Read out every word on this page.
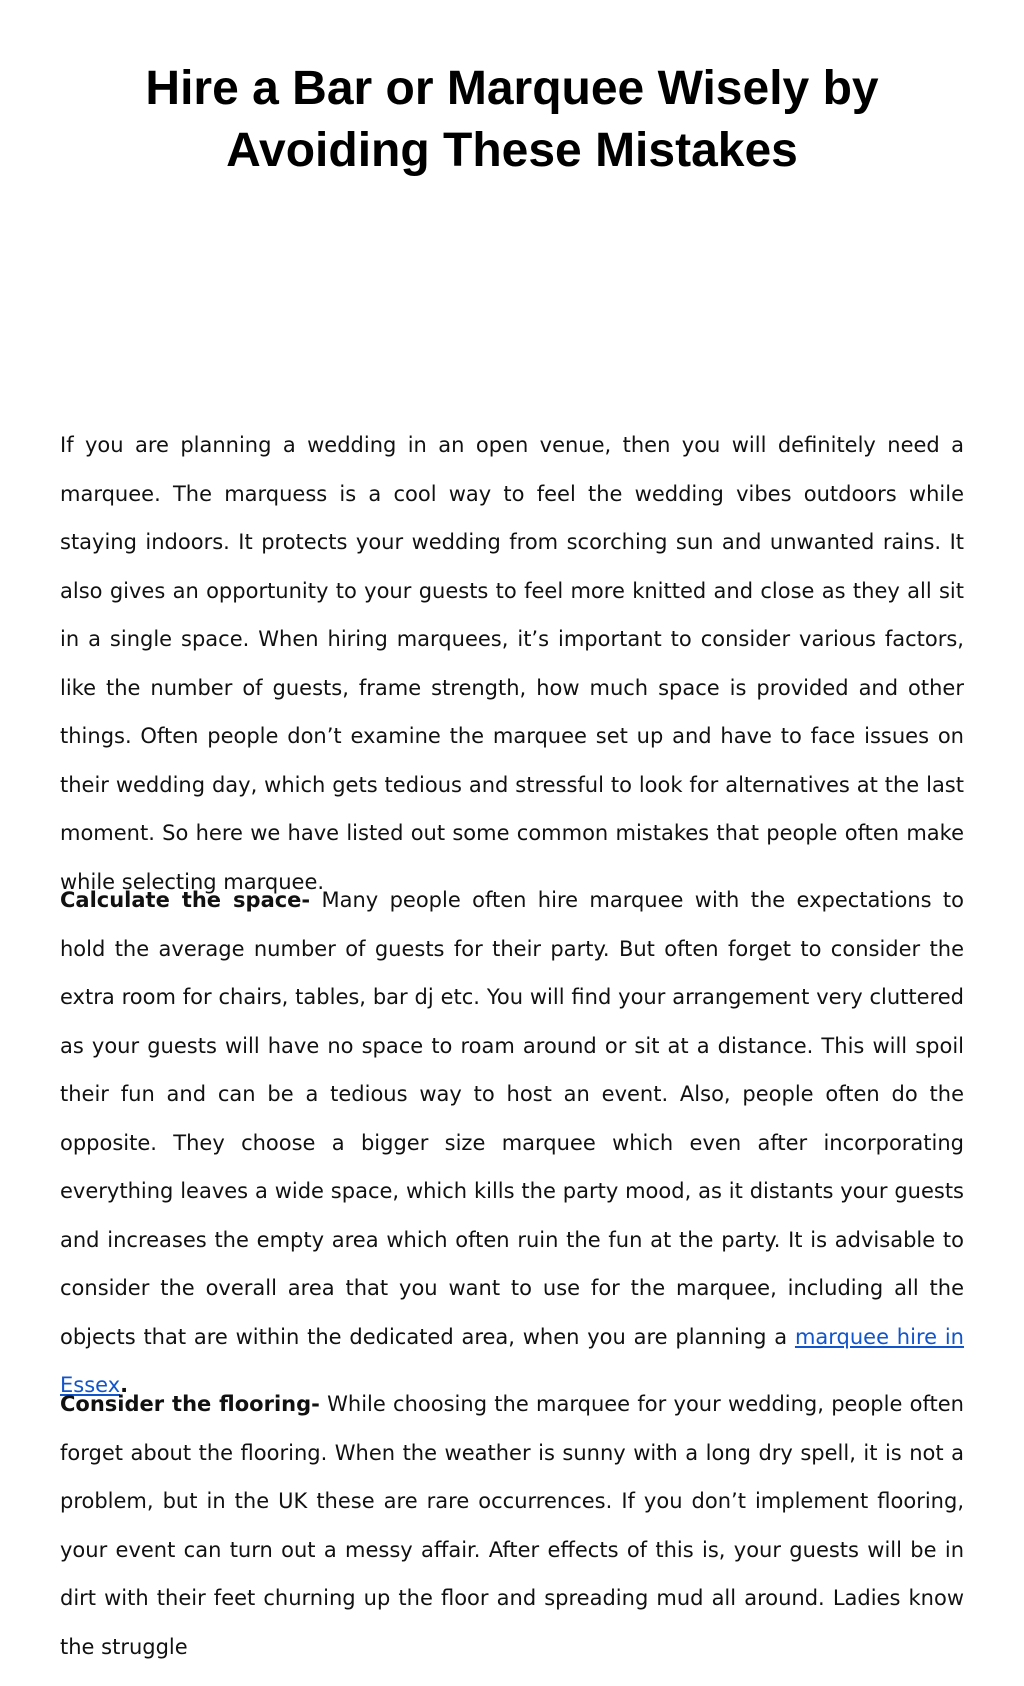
Hire a Bar or Marquee Wisely by
Avoiding These Mistakes

If you are planning a wedding in an open venue, then you will definitely need a marquee. The marquess is a cool way to feel the wedding vibes outdoors while staying indoors. It protects your wedding from scorching sun and unwanted rains. It also gives an opportunity to your guests to feel more knitted and close as they all sit in a single space. When hiring marquees, it’s important to consider various factors, like the number of guests, frame strength, how much space is provided and other things. Often people don’t examine the marquee set up and have to face issues on their wedding day, which gets tedious and stressful to look for alternatives at the last moment. So here we have listed out some common mistakes that people often make while selecting marquee.

Calculate the space- Many people often hire marquee with the expectations to hold the average number of guests for their party. But often forget to consider the extra room for chairs, tables, bar dj etc. You will find your arrangement very cluttered as your guests will have no space to roam around or sit at a distance. This will spoil their fun and can be a tedious way to host an event. Also, people often do the opposite. They choose a bigger size marquee which even after incorporating everything leaves a wide space, which kills the party mood, as it distants your guests and increases the empty area which often ruin the fun at the party. It is advisable to consider the overall area that you want to use for the marquee, including all the objects that are within the dedicated area, when you are planning a marquee hire in Essex.

Consider the flooring- While choosing the marquee for your wedding, people often forget about the flooring. When the weather is sunny with a long dry spell, it is not a problem, but in the UK these are rare occurrences. If you don’t implement flooring, your event can turn out a messy affair. After effects of this is, your guests will be in dirt with their feet churning up the floor and spreading mud all around. Ladies know the struggle
